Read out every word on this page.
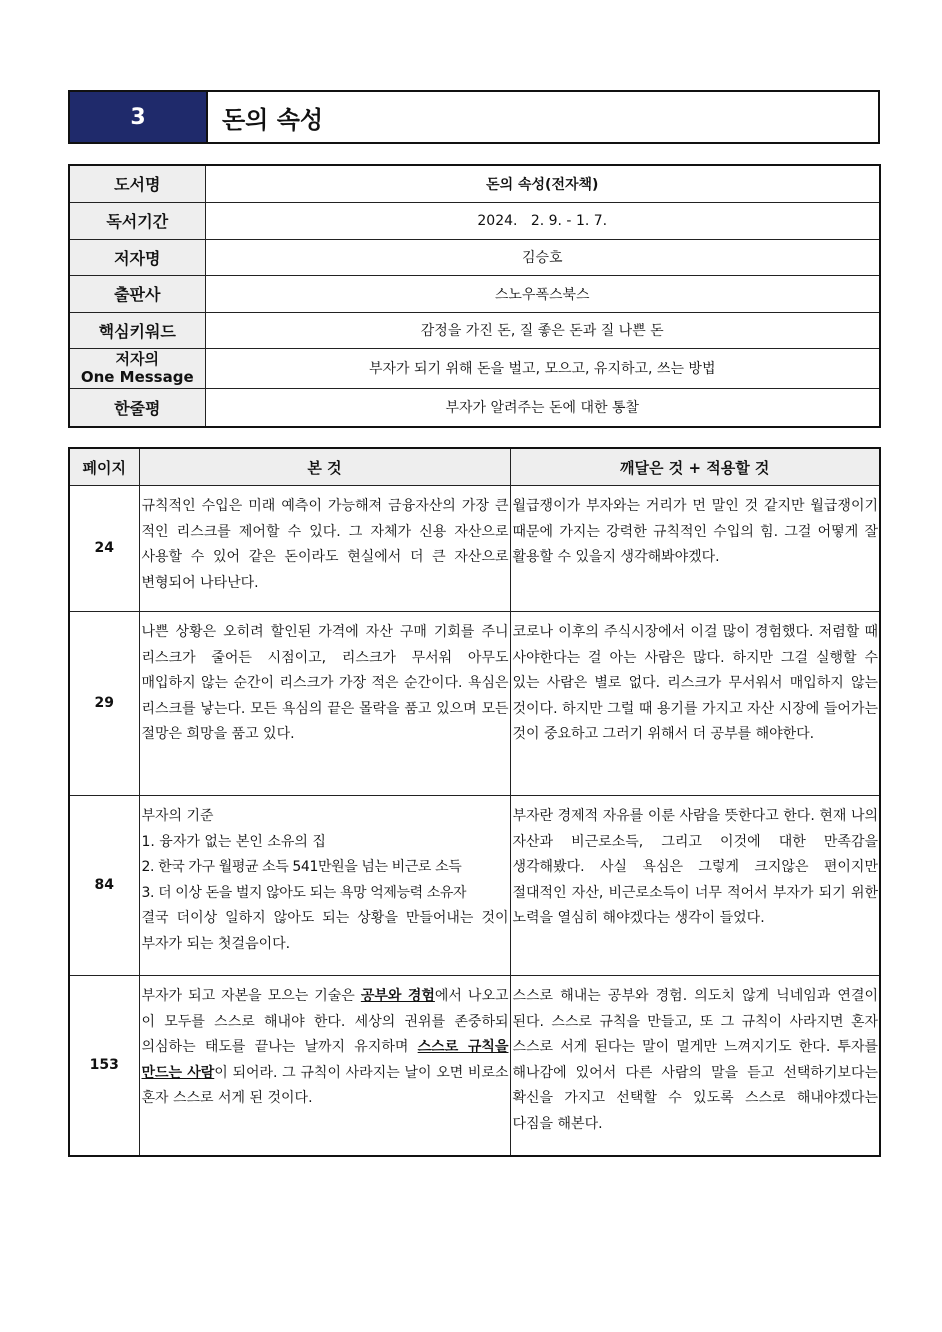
3	돈의 속성
도서명	돈의 속성(전자책)
독서기간	2024.   2. 9. - 1. 7.
저자명	김승호
출판사	스노우폭스북스
핵심키워드	감정을 가진 돈, 질 좋은 돈과 질 나쁜 돈

저자의
One Message	부자가 되기 위해 돈을 벌고, 모으고, 유지하고, 쓰는 방법
한줄평	부자가 알려주는 돈에 대한 통찰
페이지	본 것	깨달은 것 + 적용할 것
24	규칙적인 수입은 미래 예측이 가능해져 금융자산의 가장 큰 적인 리스크를 제어할 수 있다. 그 자체가 신용 자산으로 사용할 수 있어 같은 돈이라도 현실에서 더 큰 자산으로 변형되어 나타난다.	월급쟁이가 부자와는 거리가 먼 말인 것 같지만 월급쟁이기 때문에 가지는 강력한 규칙적인 수입의 힘. 그걸 어떻게 잘 활용할 수 있을지 생각해봐야겠다.
29	나쁜 상황은 오히려 할인된 가격에 자산 구매 기회를 주니 리스크가 줄어든 시점이고, 리스크가 무서워 아무도 매입하지 않는 순간이 리스크가 가장 적은 순간이다. 욕심은 리스크를 낳는다. 모든 욕심의 끝은 몰락을 품고 있으며 모든 절망은 희망을 품고 있다.	코로나 이후의 주식시장에서 이걸 많이 경험했다. 저렴할 때 사야한다는 걸 아는 사람은 많다. 하지만 그걸 실행할 수 있는 사람은 별로 없다. 리스크가 무서워서 매입하지 않는 것이다. 하지만 그럴 때 용기를 가지고 자산 시장에 들어가는 것이 중요하고 그러기 위해서 더 공부를 해야한다.
84	부자의 기준
1. 융자가 없는 본인 소유의 집
2. 한국 가구 월평균 소득 541만원을 넘는 비근로 소득
3. 더 이상 돈을 벌지 않아도 되는 욕망 억제능력 소유자
결국 더이상 일하지 않아도 되는 상황을 만들어내는 것이 부자가 되는 첫걸음이다.	부자란 경제적 자유를 이룬 사람을 뜻한다고 한다. 현재 나의 자산과 비근로소득, 그리고 이것에 대한 만족감을 생각해봤다. 사실 욕심은 그렇게 크지않은 편이지만 절대적인 자산, 비근로소득이 너무 적어서 부자가 되기 위한 노력을 열심히 해야겠다는 생각이 들었다.
153	부자가 되고 자본을 모으는 기술은 공부와 경험에서 나오고 이 모두를 스스로 해내야 한다. 세상의 권위를 존중하되 의심하는 태도를 끝나는 날까지 유지하며 스스로 규칙을 만드는 사람이 되어라. 그 규칙이 사라지는 날이 오면 비로소 혼자 스스로 서게 된 것이다.	스스로 해내는 공부와 경험. 의도치 않게 닉네임과 연결이 된다. 스스로 규칙을 만들고, 또 그 규칙이 사라지면 혼자 스스로 서게 된다는 말이 멀게만 느껴지기도 한다. 투자를 해나감에 있어서 다른 사람의 말을 듣고 선택하기보다는 확신을 가지고 선택할 수 있도록 스스로 해내야겠다는 다짐을 해본다.
